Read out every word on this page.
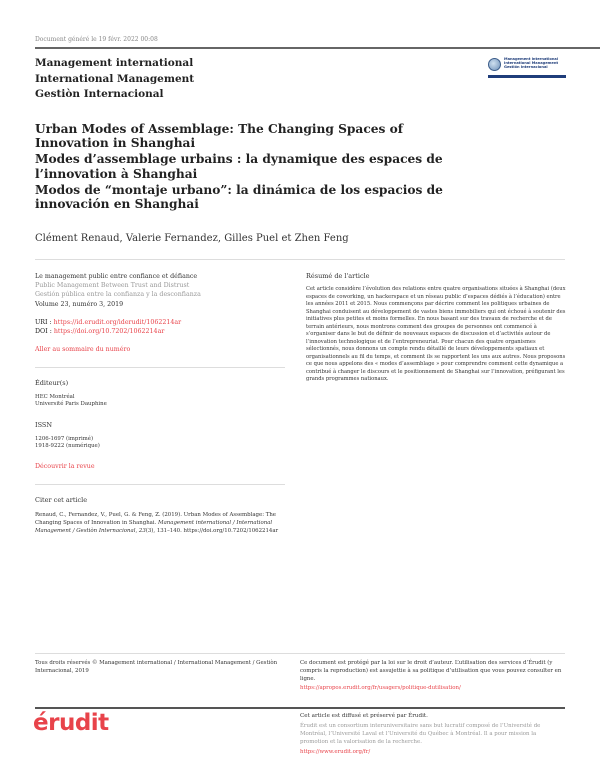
Document généré le 19 févr. 2022 00:08
Management international
International Management
Gestiòn Internacional
Management international
International Management
Gestión Internacional
Urban Modes of Assemblage: The Changing Spaces of Innovation in Shanghai
Modes d’assemblage urbains : la dynamique des espaces de l’innovation à Shanghai
Modos de “montaje urbano”: la dinámica de los espacios de innovación en Shanghai
Clément Renaud, Valerie Fernandez, Gilles Puel et Zhen Feng
Le management public entre confiance et défiance
Public Management Between Trust and Distrust
Gestión pública entre la confianza y la desconfianza
Volume 23, numéro 3, 2019
URI : https://id.erudit.org/iderudit/1062214ar
DOI : https://doi.org/10.7202/1062214ar
Aller au sommaire du numéro
Éditeur(s)
HEC Montréal
Université Paris Dauphine
ISSN
1206-1697 (imprimé)
1918-9222 (numérique)
Découvrir la revue
Citer cet article
Renaud, C., Fernandez, V., Puel, G. & Feng, Z. (2019). Urban Modes of Assemblage: The Changing Spaces of Innovation in Shanghai. Management international / International Management / Gestiòn Internacional, 23(3), 131–140. https://doi.org/10.7202/1062214ar
Résumé de l'article
Cet article considère l’évolution des relations entre quatre organisations situées à Shanghai (deux espaces de coworking, un hackerspace et un réseau public d’espaces dédiés à l’éducation) entre les années 2011 et 2015. Nous commençons par décrire comment les politiques urbaines de Shanghai conduisent au développement de vastes biens immobiliers qui ont échoué à soutenir des initiatives plus petites et moins formelles. En nous basant sur des travaux de recherche et de terrain antérieurs, nous montrons comment des groupes de personnes ont commencé à s’organiser dans le but de définir de nouveaux espaces de discussion et d’activités autour de l’innovation technologique et de l’entrepreneuriat. Pour chacun des quatre organismes sélectionnés, nous donnons un compte rendu détaillé de leurs développements spatiaux et organisationnels au fil du temps, et comment ils se rapportent les uns aux autres. Nous proposons ce que nous appelons des « modes d’assemblage » pour comprendre comment cette dynamique a contribué à changer le discours et le positionnement de Shanghai sur l’innovation, préfigurant les grands programmes nationaux.
Tous droits réservés © Management international / International Management / Gestiòn Internacional, 2019
Ce document est protégé par la loi sur le droit d’auteur. L’utilisation des services d’Érudit (y compris la reproduction) est assujettie à sa politique d’utilisation que vous pouvez consulter en ligne.
https://apropos.erudit.org/fr/usagers/politique-dutilisation/
érudit	Cet article est diffusé et préservé par Érudit.
Érudit est un consortium interuniversitaire sans but lucratif composé de l’Université de Montréal, l’Université Laval et l’Université du Québec à Montréal. Il a pour mission la promotion et la valorisation de la recherche.
https://www.erudit.org/fr/
